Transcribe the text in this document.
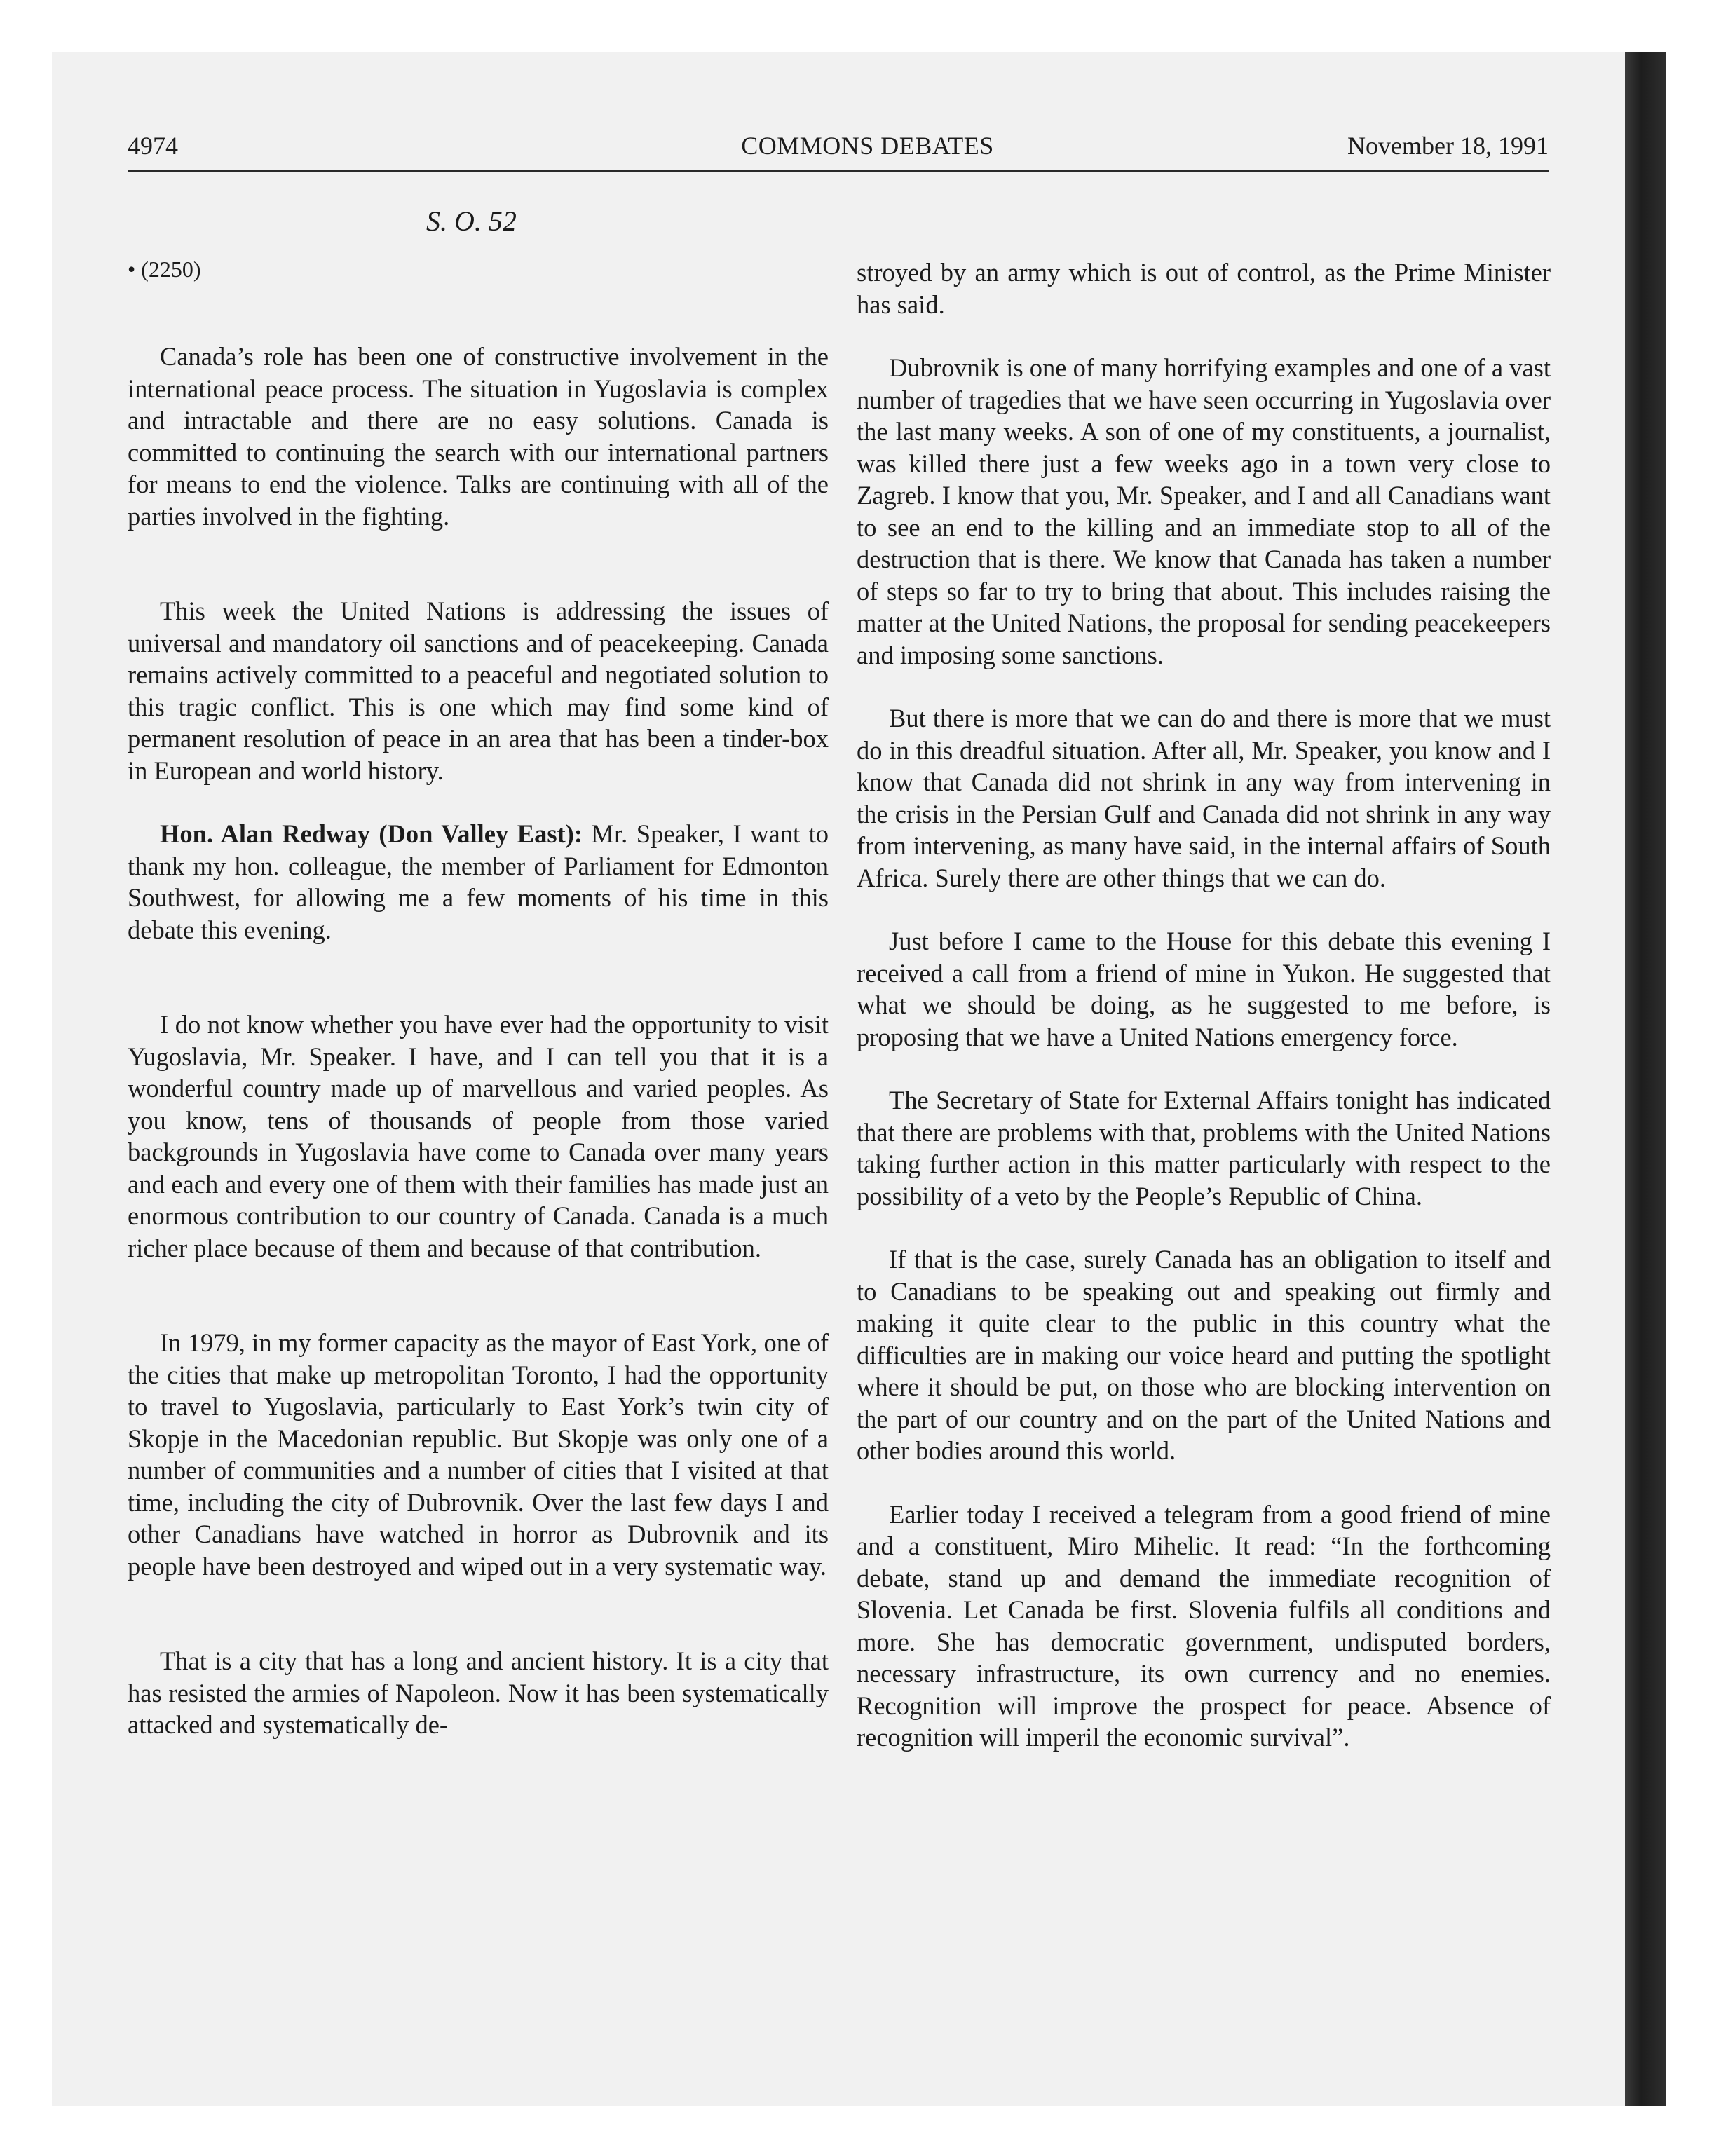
4974	COMMONS DEBATES	November 18, 1991
S. O. 52
• (2250)

Canada’s role has been one of constructive involvement in the international peace process. The situation in Yugoslavia is complex and intractable and there are no easy solutions. Canada is committed to continuing the search with our international partners for means to end the violence. Talks are continuing with all of the parties involved in the fighting.

This week the United Nations is addressing the issues of universal and mandatory oil sanctions and of peacekeeping. Canada remains actively committed to a peaceful and negotiated solution to this tragic conflict. This is one which may find some kind of permanent resolution of peace in an area that has been a tinder-box in European and world history.

Hon. Alan Redway (Don Valley East): Mr. Speaker, I want to thank my hon. colleague, the member of Parliament for Edmonton Southwest, for allowing me a few moments of his time in this debate this evening.

I do not know whether you have ever had the opportunity to visit Yugoslavia, Mr. Speaker. I have, and I can tell you that it is a wonderful country made up of marvellous and varied peoples. As you know, tens of thousands of people from those varied backgrounds in Yugoslavia have come to Canada over many years and each and every one of them with their families has made just an enormous contribution to our country of Canada. Canada is a much richer place because of them and because of that contribution.

In 1979, in my former capacity as the mayor of East York, one of the cities that make up metropolitan Toronto, I had the opportunity to travel to Yugoslavia, particularly to East York’s twin city of Skopje in the Macedonian republic. But Skopje was only one of a number of communities and a number of cities that I visited at that time, including the city of Dubrovnik. Over the last few days I and other Canadians have watched in horror as Dubrovnik and its people have been destroyed and wiped out in a very systematic way.

That is a city that has a long and ancient history. It is a city that has resisted the armies of Napoleon. Now it has been systematically attacked and systematically de-

stroyed by an army which is out of control, as the Prime Minister has said.

Dubrovnik is one of many horrifying examples and one of a vast number of tragedies that we have seen occurring in Yugoslavia over the last many weeks. A son of one of my constituents, a journalist, was killed there just a few weeks ago in a town very close to Zagreb. I know that you, Mr. Speaker, and I and all Canadians want to see an end to the killing and an immediate stop to all of the destruction that is there. We know that Canada has taken a number of steps so far to try to bring that about. This includes raising the matter at the United Nations, the proposal for sending peacekeepers and imposing some sanctions.

But there is more that we can do and there is more that we must do in this dreadful situation. After all, Mr. Speaker, you know and I know that Canada did not shrink in any way from intervening in the crisis in the Persian Gulf and Canada did not shrink in any way from intervening, as many have said, in the internal affairs of South Africa. Surely there are other things that we can do.

Just before I came to the House for this debate this evening I received a call from a friend of mine in Yukon. He suggested that what we should be doing, as he suggested to me before, is proposing that we have a United Nations emergency force.

The Secretary of State for External Affairs tonight has indicated that there are problems with that, problems with the United Nations taking further action in this matter particularly with respect to the possibility of a veto by the People’s Republic of China.

If that is the case, surely Canada has an obligation to itself and to Canadians to be speaking out and speaking out firmly and making it quite clear to the public in this country what the difficulties are in making our voice heard and putting the spotlight where it should be put, on those who are blocking intervention on the part of our country and on the part of the United Nations and other bodies around this world.

Earlier today I received a telegram from a good friend of mine and a constituent, Miro Mihelic. It read: “In the forthcoming debate, stand up and demand the immediate recognition of Slovenia. Let Canada be first. Slovenia fulfils all conditions and more. She has democratic government, undisputed borders, necessary infrastructure, its own currency and no enemies. Recognition will improve the prospect for peace. Absence of recognition will imperil the economic survival”.
